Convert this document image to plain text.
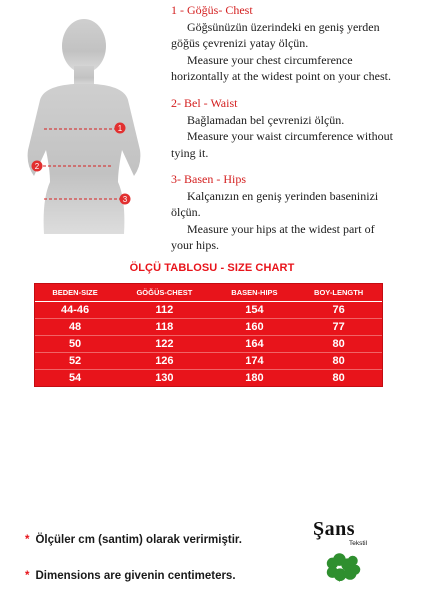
1
2
3
1 - Göğüs- Chest
Göğsünüzün üzerindeki en geniş yerden
göğüs çevrenizi yatay ölçün.
Measure your chest circumference
horizontally at the widest point on your chest.
2- Bel - Waist
Bağlamadan bel çevrenizi ölçün.
Measure your waist circumference without
tying it.
3- Basen - Hips
Kalçanızın en geniş yerinden baseninizi
ölçün.
Measure your hips at the widest part of
your hips.
ÖLÇÜ TABLOSU - SIZE CHART
BEDEN-SIZE	GÖĞÜS-CHEST	BASEN-HIPS	BOY-LENGTH
44-46	112	154	76
48	118	160	77
50	122	164	80
52	126	174	80
54	130	180	80
* Ölçüler cm (santim) olarak verirmiştir.
* Dimensions are givenin centimeters.
Şans
Tekstil
